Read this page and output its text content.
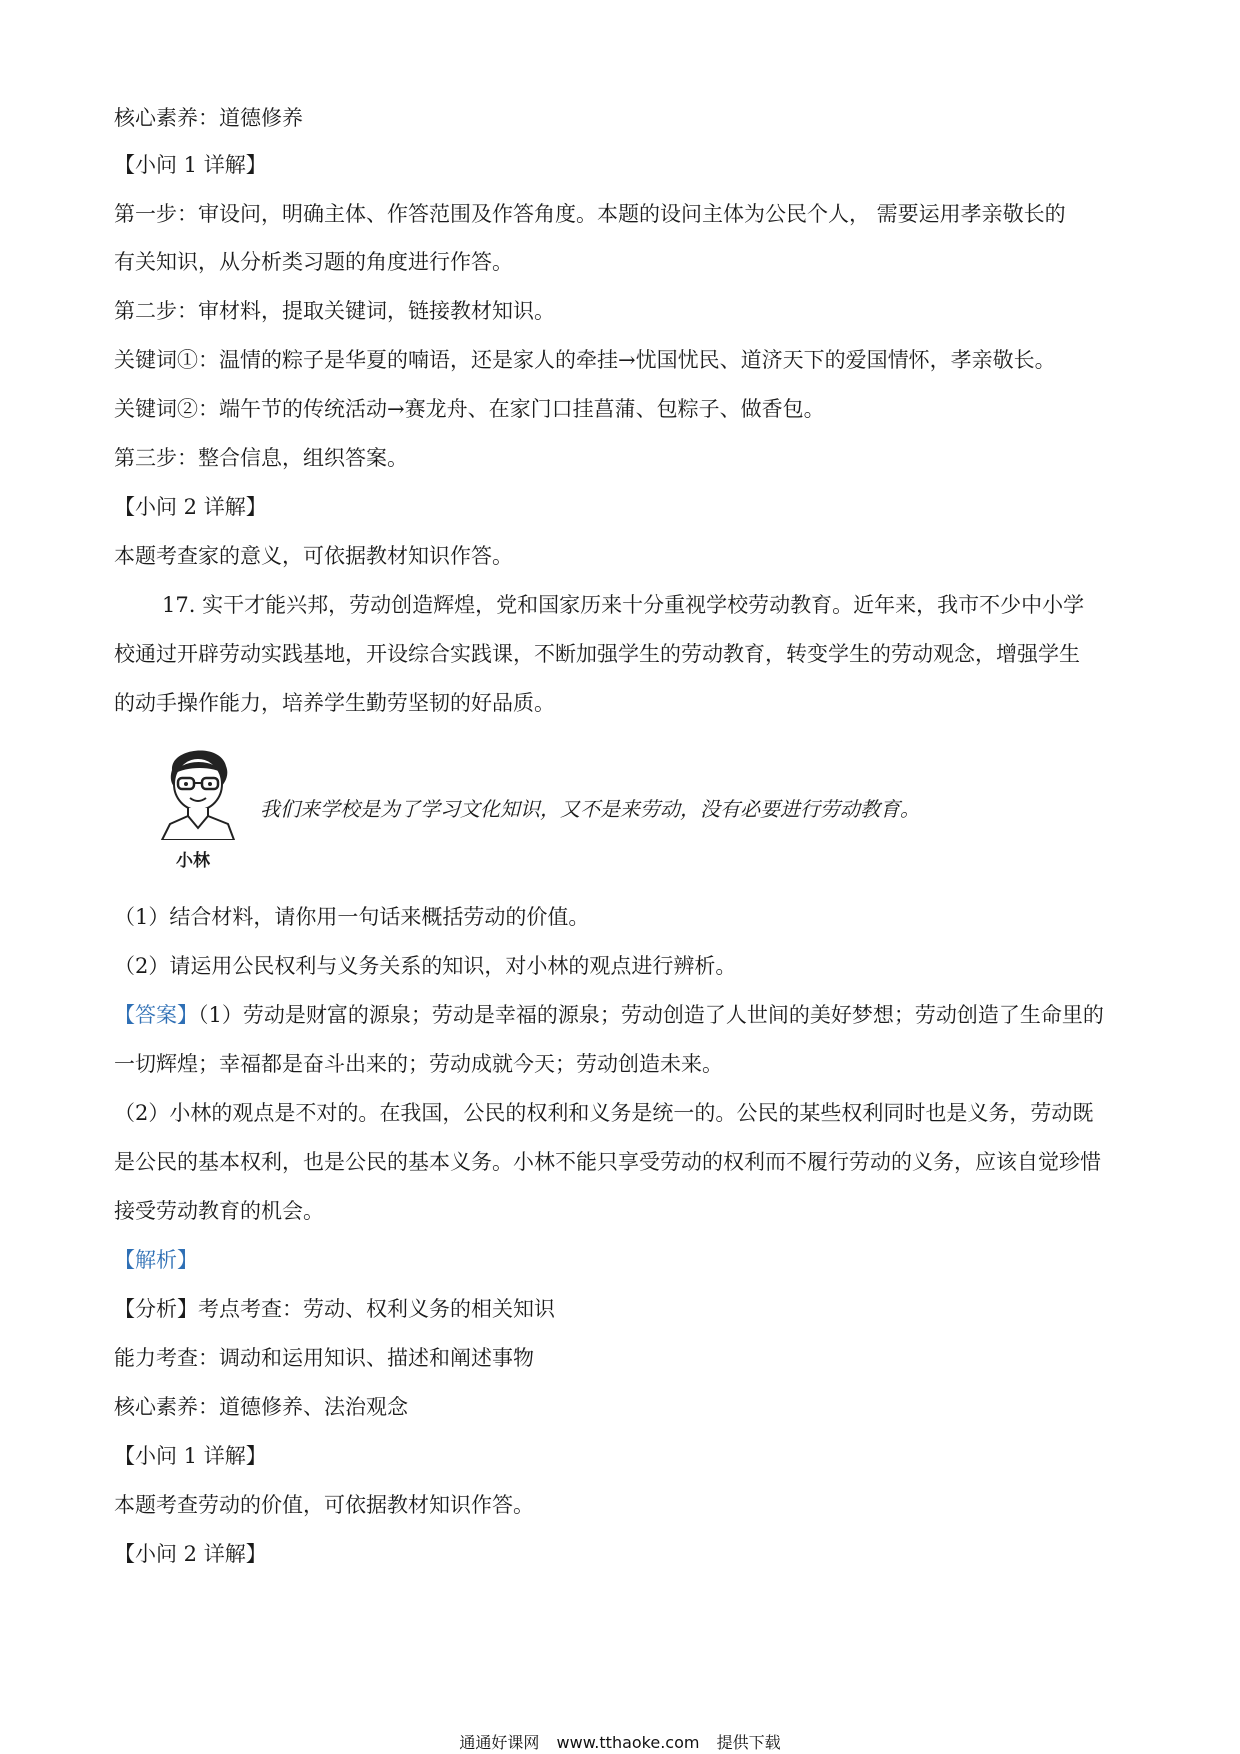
核心素养：道德修养
【小问 1 详解】
第一步：审设问，明确主体、作答范围及作答角度。本题的设问主体为公民个人， 需要运用孝亲敬长的
有关知识，从分析类习题的角度进行作答。
第二步：审材料，提取关键词，链接教材知识。
关键词①：温情的粽子是华夏的喃语，还是家人的牵挂→忧国忧民、道济天下的爱国情怀，孝亲敬长。
关键词②：端午节的传统活动→赛龙舟、在家门口挂菖蒲、包粽子、做香包。
第三步：整合信息，组织答案。
【小问 2 详解】
本题考查家的意义，可依据教材知识作答。
17. 实干才能兴邦，劳动创造辉煌，党和国家历来十分重视学校劳动教育。近年来，我市不少中小学
校通过开辟劳动实践基地，开设综合实践课，不断加强学生的劳动教育，转变学生的劳动观念，增强学生
的动手操作能力，培养学生勤劳坚韧的好品质。
小林
我们来学校是为了学习文化知识，又不是来劳动，没有必要进行劳动教育。
（1）结合材料，请你用一句话来概括劳动的价值。
（2）请运用公民权利与义务关系的知识，对小林的观点进行辨析。
【答案】（1）劳动是财富的源泉；劳动是幸福的源泉；劳动创造了人世间的美好梦想；劳动创造了生命里的
一切辉煌；幸福都是奋斗出来的；劳动成就今天；劳动创造未来。
（2）小林的观点是不对的。在我国，公民的权利和义务是统一的。公民的某些权利同时也是义务，劳动既
是公民的基本权利，也是公民的基本义务。小林不能只享受劳动的权利而不履行劳动的义务，应该自觉珍惜
接受劳动教育的机会。
【解析】
【分析】考点考查：劳动、权利义务的相关知识
能力考查：调动和运用知识、描述和阐述事物
核心素养：道德修养、法治观念
【小问 1 详解】
本题考查劳动的价值，可依据教材知识作答。
【小问 2 详解】
通通好课网 www.tthaoke.com 提供下载
